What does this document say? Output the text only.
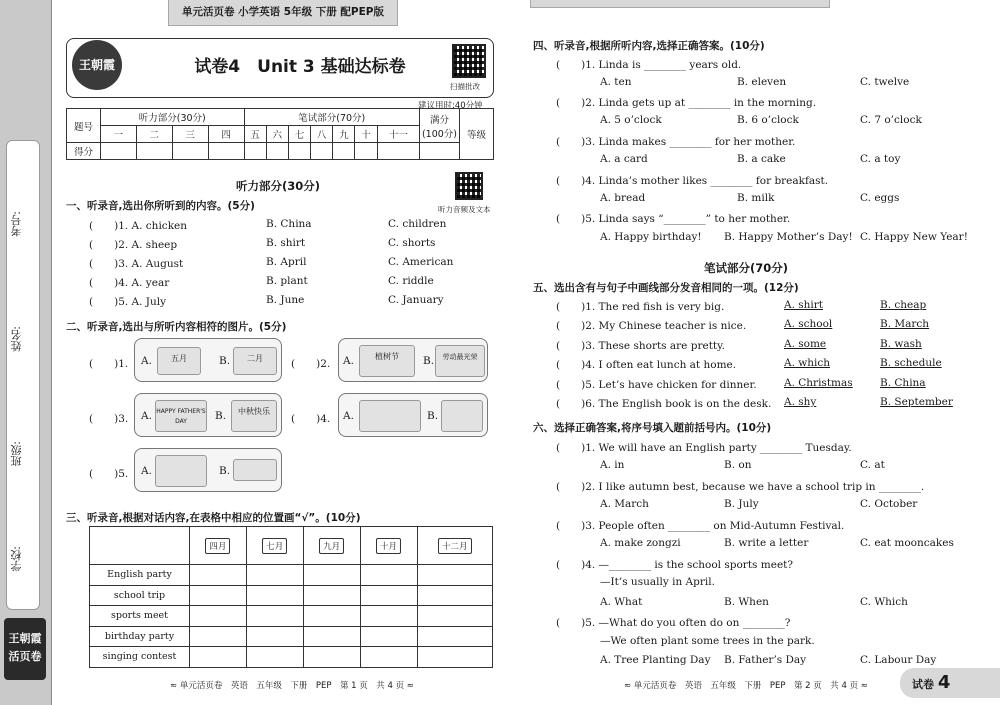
考号:
姓名:
班级:
学校:
王朝霞
活页卷
单元活页卷 小学英语 5年级 下册 配PEP版
王朝霞	试卷4　Unit 3 基础达标卷
扫描批改
建议用时:40分钟
题号	听力部分(30分)				笔试部分(70分)							满分
(100分)	等级
	一	二	三	四	五	六	七	八	九	十	十一		
得分													
听力部分(30分)
听力音频及文本
一、听录音,选出你所听到的内容。(5分)
(　　)1. A. chicken	B. China	C. children
(　　)2. A. sheep	B. shirt	C. shorts
(　　)3. A. August	B. April	C. American
(　　)4. A. year	B. plant	C. riddle
(　　)5. A. July	B. June	C. January
二、听录音,选出与所听内容相符的图片。(5分)
(　　)1. A.	五月	B.	二月	(　　)2. A.	植树节	B.	劳动最光荣
(　　)3. A. HAPPY FATHER'S DAY	B.	中秋快乐
(　　)4. A.	B.
(　　)5. A.	B.
三、听录音,根据对话内容,在表格中相应的位置画“√”。(10分)
	四月	七月	九月	十月	十二月
English party					
school trip					
sports meet					
birthday party					
singing contest					
≈ 单元活页卷　英语　五年级　下册　PEP　第 1 页　共 4 页 ≈
四、听录音,根据所听内容,选择正确答案。(10分)
(　　)1. Linda is ________ years old.
A. ten	B. eleven	C. twelve
(　　)2. Linda gets up at ________ in the morning.
A. 5 o’clock	B. 6 o’clock	C. 7 o’clock
(　　)3. Linda makes ________ for her mother.
A. a card	B. a cake	C. a toy
(　　)4. Linda’s mother likes ________ for breakfast.
A. bread	B. milk	C. eggs
(　　)5. Linda says “________” to her mother.
A. Happy birthday! B. Happy Mother’s Day! C. Happy New Year!
笔试部分(70分)
五、选出含有与句子中画线部分发音相同的一项。(12分)
(　　)1. The red fish is very big.	A. shirt	B. cheap
(　　)2. My Chinese teacher is nice.	A. school	B. March
(　　)3. These shorts are pretty.	A. some	B. wash
(　　)4. I often eat lunch at home.	A. which	B. schedule
(　　)5. Let’s have chicken for dinner.	A. Christmas	B. China
(　　)6. The English book is on the desk. A. shy	B. September
六、选择正确答案,将序号填入题前括号内。(10分)
(　　)1. We will have an English party ________ Tuesday.
A. in	B. on	C. at
(　　)2. I like autumn best, because we have a school trip in ________.
A. March	B. July	C. October
(　　)3. People often ________ on Mid-Autumn Festival.
A. make zongzi	B. write a letter	C. eat mooncakes
(　　)4. —________ is the school sports meet?
—It’s usually in April.
A. What	B. When	C. Which
(　　)5. —What do you often do on ________?
—We often plant some trees in the park.
A. Tree Planting Day B. Father’s Day	C. Labour Day
≈ 单元活页卷　英语　五年级　下册　PEP　第 2 页　共 4 页 ≈	试卷 4
